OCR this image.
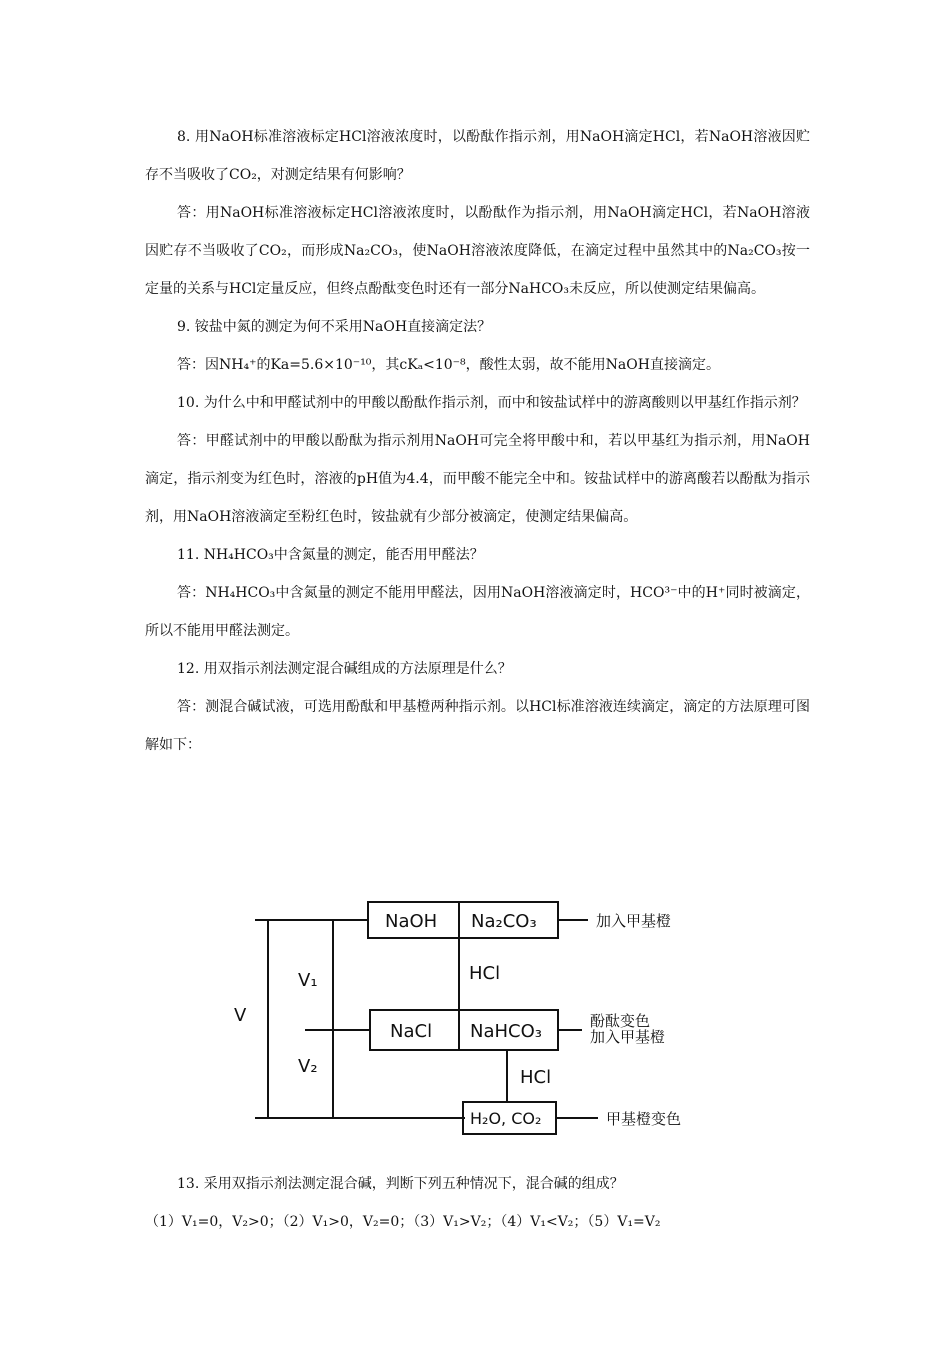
8. 用NaOH标准溶液标定HCl溶液浓度时，以酚酞作指示剂，用NaOH滴定HCl，若NaOH溶液因贮存不当吸收了CO₂，对测定结果有何影响？

答：用NaOH标准溶液标定HCl溶液浓度时，以酚酞作为指示剂，用NaOH滴定HCl，若NaOH溶液因贮存不当吸收了CO₂，而形成Na₂CO₃，使NaOH溶液浓度降低，在滴定过程中虽然其中的Na₂CO₃按一定量的关系与HCl定量反应，但终点酚酞变色时还有一部分NaHCO₃未反应，所以使测定结果偏高。

9. 铵盐中氮的测定为何不采用NaOH直接滴定法？

答：因NH₄⁺的Ka=5.6×10⁻¹⁰，其cKₐ<10⁻⁸，酸性太弱，故不能用NaOH直接滴定。

10. 为什么中和甲醛试剂中的甲酸以酚酞作指示剂，而中和铵盐试样中的游离酸则以甲基红作指示剂？

答：甲醛试剂中的甲酸以酚酞为指示剂用NaOH可完全将甲酸中和，若以甲基红为指示剂，用NaOH滴定，指示剂变为红色时，溶液的pH值为4.4，而甲酸不能完全中和。铵盐试样中的游离酸若以酚酞为指示剂，用NaOH溶液滴定至粉红色时，铵盐就有少部分被滴定，使测定结果偏高。

11. NH₄HCO₃中含氮量的测定，能否用甲醛法？

答：NH₄HCO₃中含氮量的测定不能用甲醛法，因用NaOH溶液滴定时，HCO³⁻中的H⁺同时被滴定，所以不能用甲醛法测定。

12. 用双指示剂法测定混合碱组成的方法原理是什么？

答：测混合碱试液，可选用酚酞和甲基橙两种指示剂。以HCl标准溶液连续滴定，滴定的方法原理可图解如下：

V
V₁
V₂
NaOH Na₂CO₃
HCl
NaCl NaHCO₃
HCl
H₂O, CO₂
加入甲基橙
酚酞变色
加入甲基橙
甲基橙变色

13. 采用双指示剂法测定混合碱，判断下列五种情况下，混合碱的组成？

（1）V₁=0，V₂>0；（2）V₁>0，V₂=0；（3）V₁>V₂；（4）V₁<V₂；（5）V₁=V₂
